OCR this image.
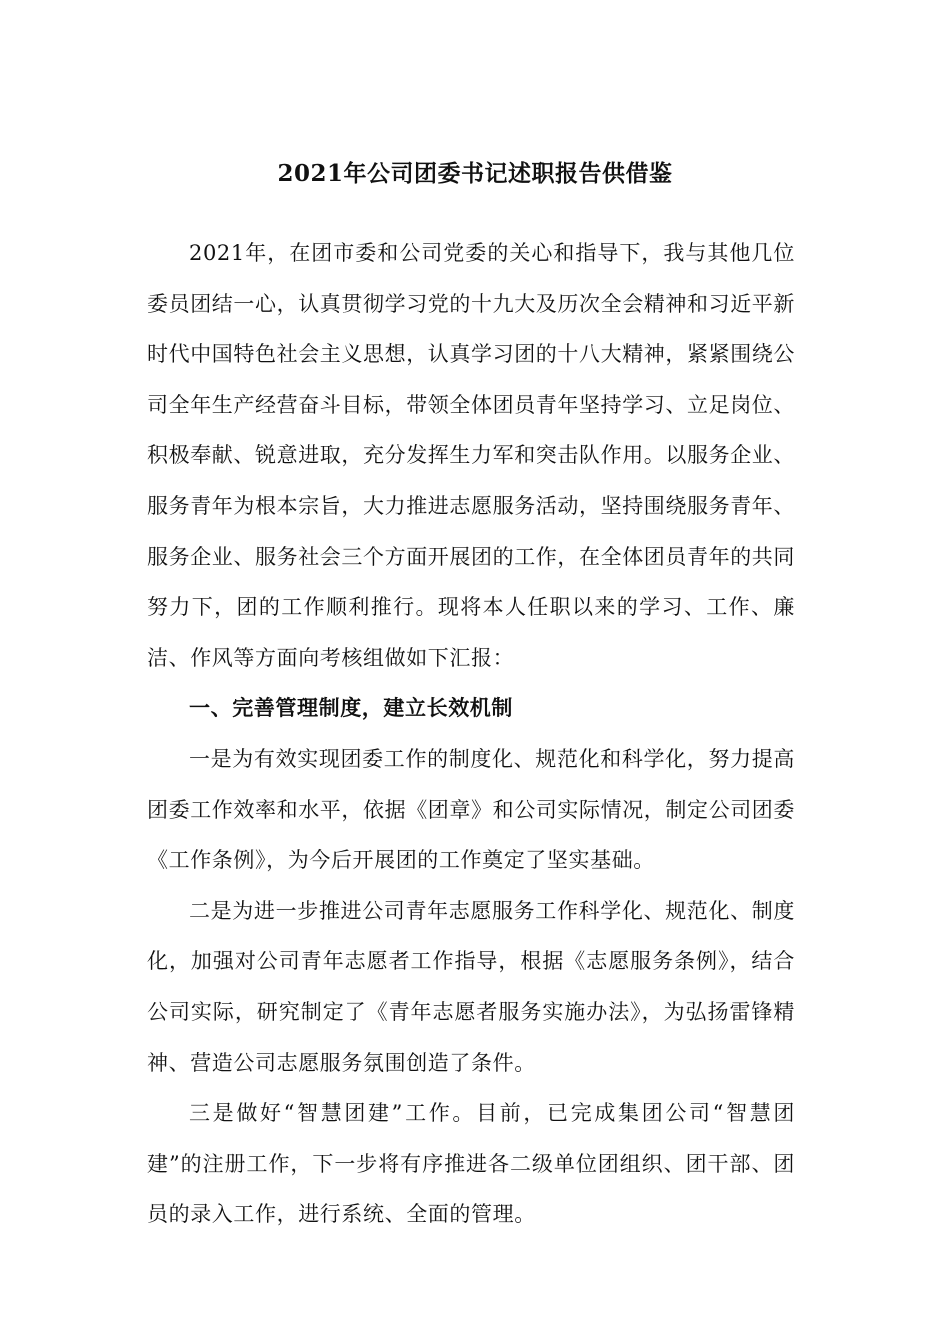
2021年公司团委书记述职报告供借鉴

2021年，在团市委和公司党委的关心和指导下，我与其他几位委员团结一心，认真贯彻学习党的十九大及历次全会精神和习近平新时代中国特色社会主义思想，认真学习团的十八大精神，紧紧围绕公司全年生产经营奋斗目标，带领全体团员青年坚持学习、立足岗位、积极奉献、锐意进取，充分发挥生力军和突击队作用。以服务企业、服务青年为根本宗旨，大力推进志愿服务活动，坚持围绕服务青年、服务企业、服务社会三个方面开展团的工作，在全体团员青年的共同努力下，团的工作顺利推行。现将本人任职以来的学习、工作、廉洁、作风等方面向考核组做如下汇报：

一、完善管理制度，建立长效机制

一是为有效实现团委工作的制度化、规范化和科学化，努力提高团委工作效率和水平，依据《团章》和公司实际情况，制定公司团委《工作条例》，为今后开展团的工作奠定了坚实基础。

二是为进一步推进公司青年志愿服务工作科学化、规范化、制度化，加强对公司青年志愿者工作指导，根据《志愿服务条例》，结合公司实际，研究制定了《青年志愿者服务实施办法》，为弘扬雷锋精神、营造公司志愿服务氛围创造了条件。

三是做好“智慧团建”工作。目前，已完成集团公司“智慧团建”的注册工作，下一步将有序推进各二级单位团组织、团干部、团员的录入工作，进行系统、全面的管理。
